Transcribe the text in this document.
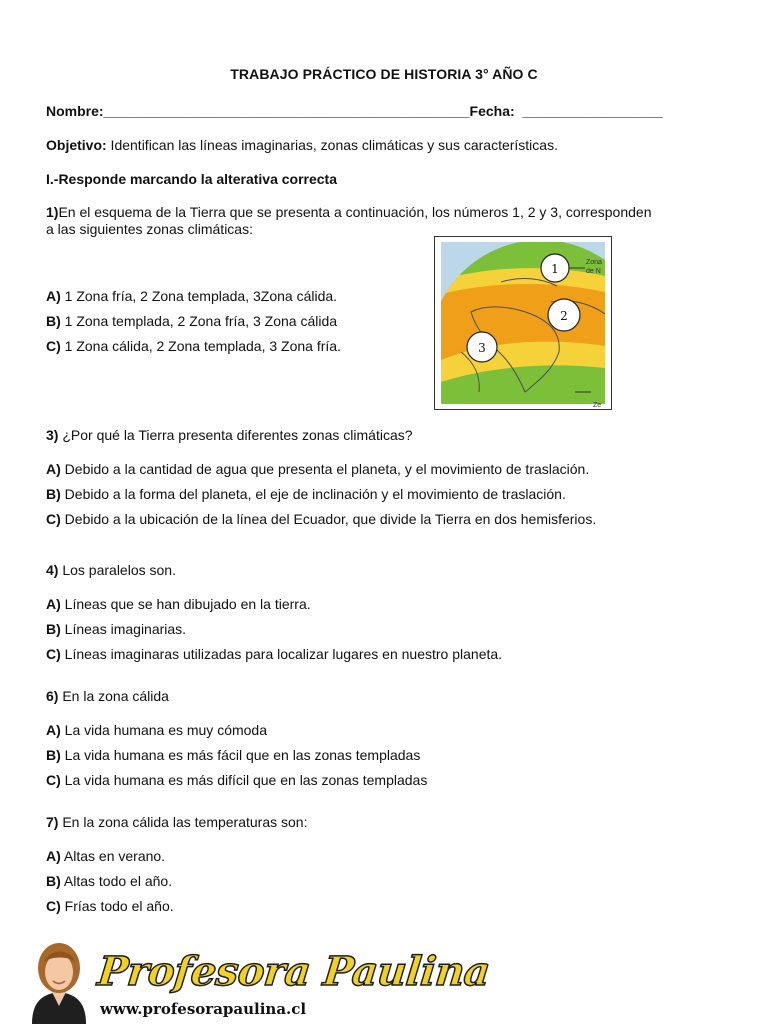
TRABAJO PRÁCTICO DE HISTORIA 3° AÑO C
Nombre:_______________________________________________Fecha: __________________
Objetivo: Identifican las líneas imaginarias, zonas climáticas y sus características.
I.-Responde marcando la alterativa correcta
1)En el esquema de la Tierra que se presenta a continuación, los números 1, 2 y 3, corresponden
a las siguientes zonas climáticas:
A) 1 Zona fría, 2 Zona templada, 3Zona cálida.
B) 1 Zona templada, 2 Zona fría, 3 Zona cálida
C) 1 Zona cálida, 2 Zona templada, 3 Zona fría.
Zona
de N
Ze
1
2
3
3) ¿Por qué la Tierra presenta diferentes zonas climáticas?
A) Debido a la cantidad de agua que presenta el planeta, y el movimiento de traslación.
B) Debido a la forma del planeta, el eje de inclinación y el movimiento de traslación.
C) Debido a la ubicación de la línea del Ecuador, que divide la Tierra en dos hemisferios.
4) Los paralelos son.
A) Líneas que se han dibujado en la tierra.
B) Líneas imaginarias.
C) Líneas imaginaras utilizadas para localizar lugares en nuestro planeta.
6) En la zona cálida
A) La vida humana es muy cómoda
B) La vida humana es más fácil que en las zonas templadas
C) La vida humana es más difícil que en las zonas templadas
7) En la zona cálida las temperaturas son:
A) Altas en verano.
B) Altas todo el año.
C) Frías todo el año.
Profesora Paulina
www.profesorapaulina.cl
